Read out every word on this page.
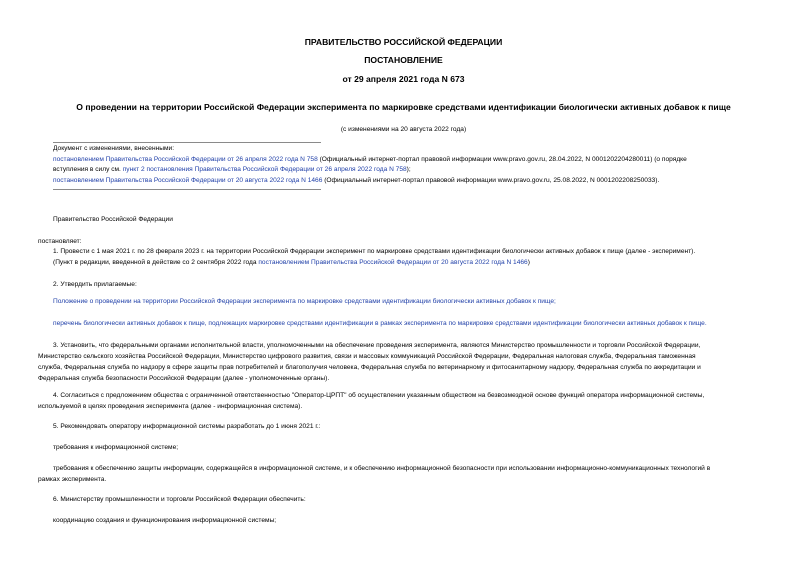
ПРАВИТЕЛЬСТВО РОССИЙСКОЙ ФЕДЕРАЦИИ
ПОСТАНОВЛЕНИЕ
от 29 апреля 2021 года N 673
О проведении на территории Российской Федерации эксперимента по маркировке средствами идентификации биологически активных добавок к пище
(с изменениями на 20 августа 2022 года)
Документ с изменениями, внесенными:
постановлением Правительства Российской Федерации от 26 апреля 2022 года N 758 (Официальный интернет-портал правовой информации www.pravo.gov.ru, 28.04.2022, N 0001202204280011) (о порядке
вступления в силу см. пункт 2 постановления Правительства Российской Федерации от 26 апреля 2022 года N 758);
постановлением Правительства Российской Федерации от 20 августа 2022 года N 1466 (Официальный интернет-портал правовой информации www.pravo.gov.ru, 25.08.2022, N 0001202208250033).
Правительство Российской Федерации
постановляет:
1. Провести с 1 мая 2021 г. по 28 февраля 2023 г. на территории Российской Федерации эксперимент по маркировке средствами идентификации биологически активных добавок к пище (далее - эксперимент).
(Пункт в редакции, введенной в действие со 2 сентября 2022 года постановлением Правительства Российской Федерации от 20 августа 2022 года N 1466)
2. Утвердить прилагаемые:
Положение о проведении на территории Российской Федерации эксперимента по маркировке средствами идентификации биологически активных добавок к пище;
перечень биологически активных добавок к пище, подлежащих маркировке средствами идентификации в рамках эксперимента по маркировке средствами идентификации биологически активных добавок к пище.
3. Установить, что федеральными органами исполнительной власти, уполномоченными на обеспечение проведения эксперимента, являются Министерство промышленности и торговли Российской Федерации,
Министерство сельского хозяйства Российской Федерации, Министерство цифрового развития, связи и массовых коммуникаций Российской Федерации, Федеральная налоговая служба, Федеральная таможенная
служба, Федеральная служба по надзору в сфере защиты прав потребителей и благополучия человека, Федеральная служба по ветеринарному и фитосанитарному надзору, Федеральная служба по аккредитации и
Федеральная служба безопасности Российской Федерации (далее - уполномоченные органы).
4. Согласиться с предложением общества с ограниченной ответственностью "Оператор-ЦРПТ" об осуществлении указанным обществом на безвозмездной основе функций оператора информационной системы,
используемой в целях проведения эксперимента (далее - информационная система).
5. Рекомендовать оператору информационной системы разработать до 1 июня 2021 г.:
требования к информационной системе;
требования к обеспечению защиты информации, содержащейся в информационной системе, и к обеспечению информационной безопасности при использовании информационно-коммуникационных технологий в
рамках эксперимента.
6. Министерству промышленности и торговли Российской Федерации обеспечить:
координацию создания и функционирования информационной системы;
